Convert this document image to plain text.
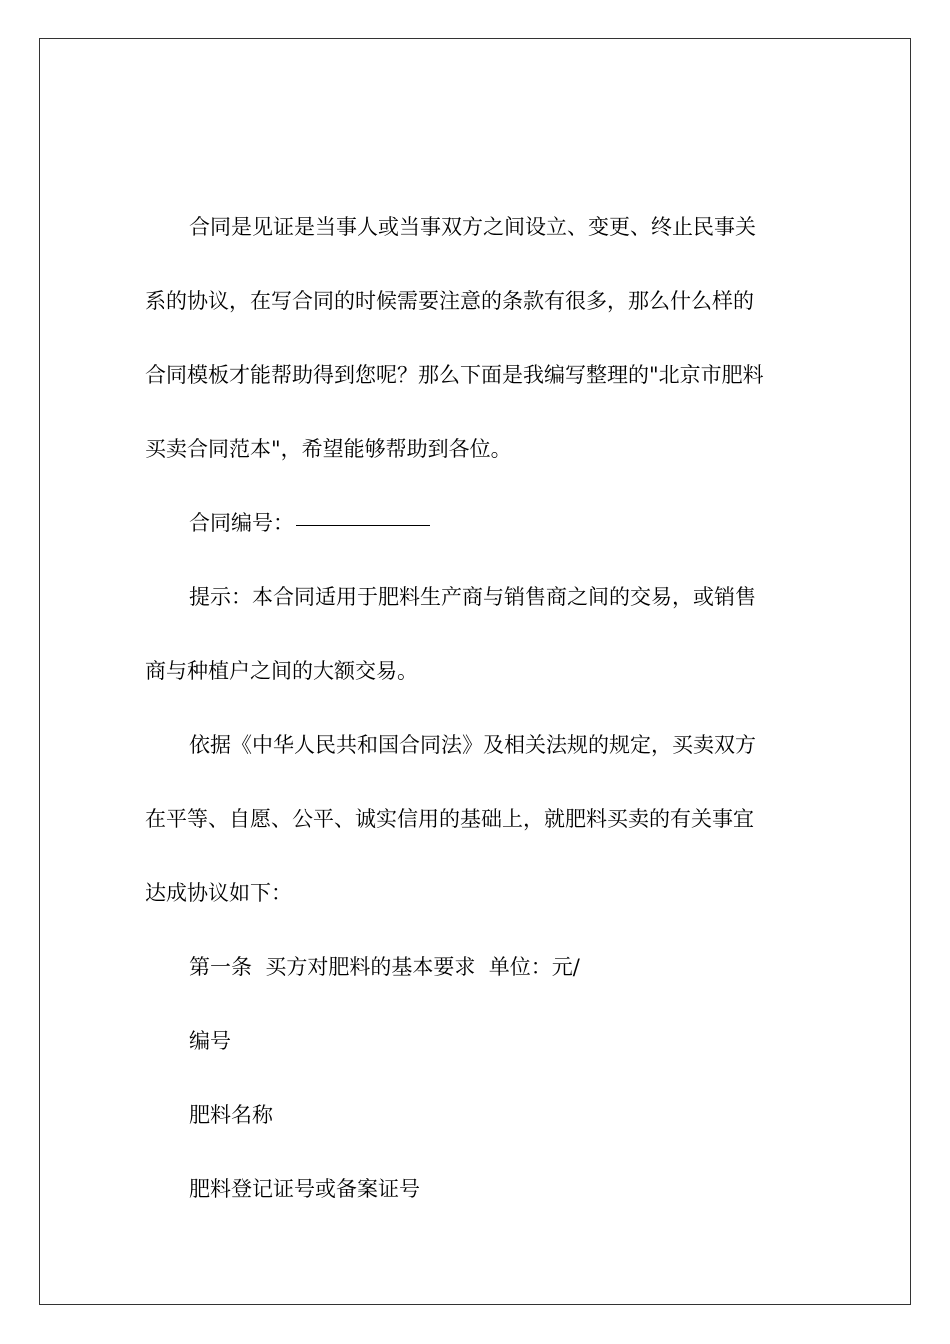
合同是见证是当事人或当事双方之间设立、变更、终止民事关

系的协议，在写合同的时候需要注意的条款有很多，那么什么样的

合同模板才能帮助得到您呢？那么下面是我编写整理的"北京市肥料

买卖合同范本"，希望能够帮助到各位。

合同编号：

提示：本合同适用于肥料生产商与销售商之间的交易，或销售

商与种植户之间的大额交易。

依据《中华人民共和国合同法》及相关法规的规定，买卖双方

在平等、自愿、公平、诚实信用的基础上，就肥料买卖的有关事宜

达成协议如下：

第一条  买方对肥料的基本要求  单位：元/

编号

肥料名称

肥料登记证号或备案证号
